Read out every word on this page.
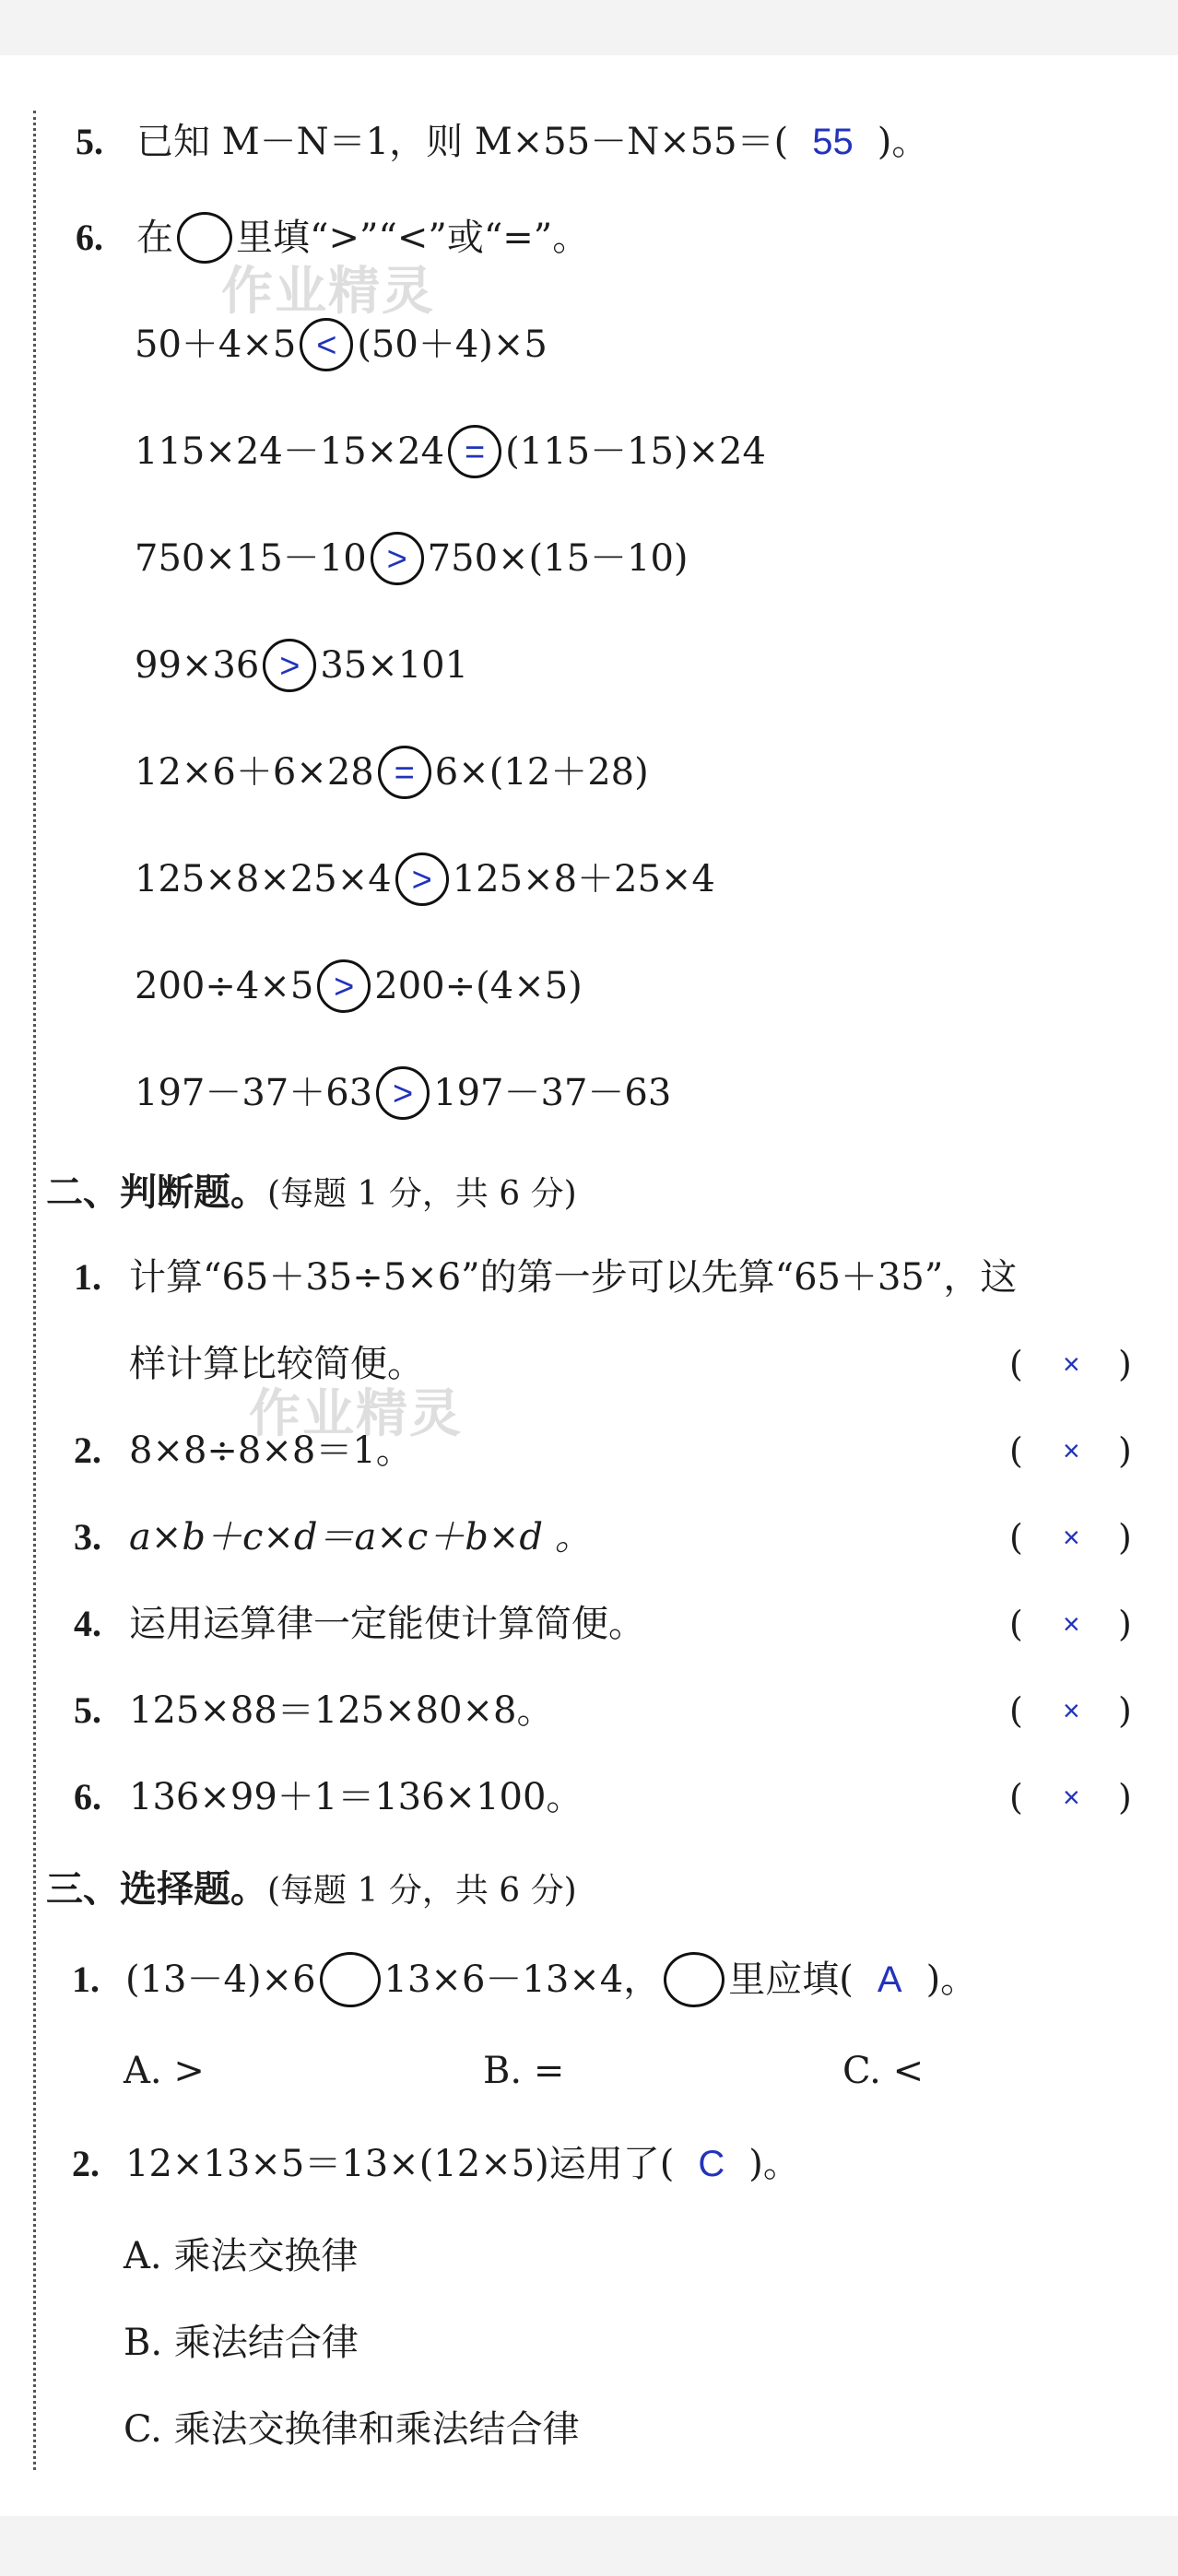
作业精灵
作业精灵
5. 已知 M－N＝1，则 M×55－N×55＝( 55 )。
6. 在 里填“>”“<”或“=”。
50＋4×5 < (50＋4)×5
115×24－15×24 = (115－15)×24
750×15－10 > 750×(15－10)
99×36 > 35×101
12×6＋6×28 = 6×(12＋28)
125×8×25×4 > 125×8＋25×4
200÷4×5 > 200÷(4×5)
197－37＋63 > 197－37－63
二、判断题。(每题 1 分，共 6 分)
1. 计算“65＋35÷5×6”的第一步可以先算“65＋35”，这
样计算比较简便。	( × )
2. 8×8÷8×8＝1。	( × )
3. a×b＋c×d＝a×c＋b×d 。	( × )
4. 运用运算律一定能使计算简便。	( × )
5. 125×88＝125×80×8。	( × )
6. 136×99＋1＝136×100。	( × )
三、选择题。(每题 1 分，共 6 分)
1. (13－4)×6 13×6－13×4， 里应填( A )。
A. >	B. =	C. <
2. 12×13×5＝13×(12×5)运用了( C )。
A. 乘法交换律
B. 乘法结合律
C. 乘法交换律和乘法结合律
